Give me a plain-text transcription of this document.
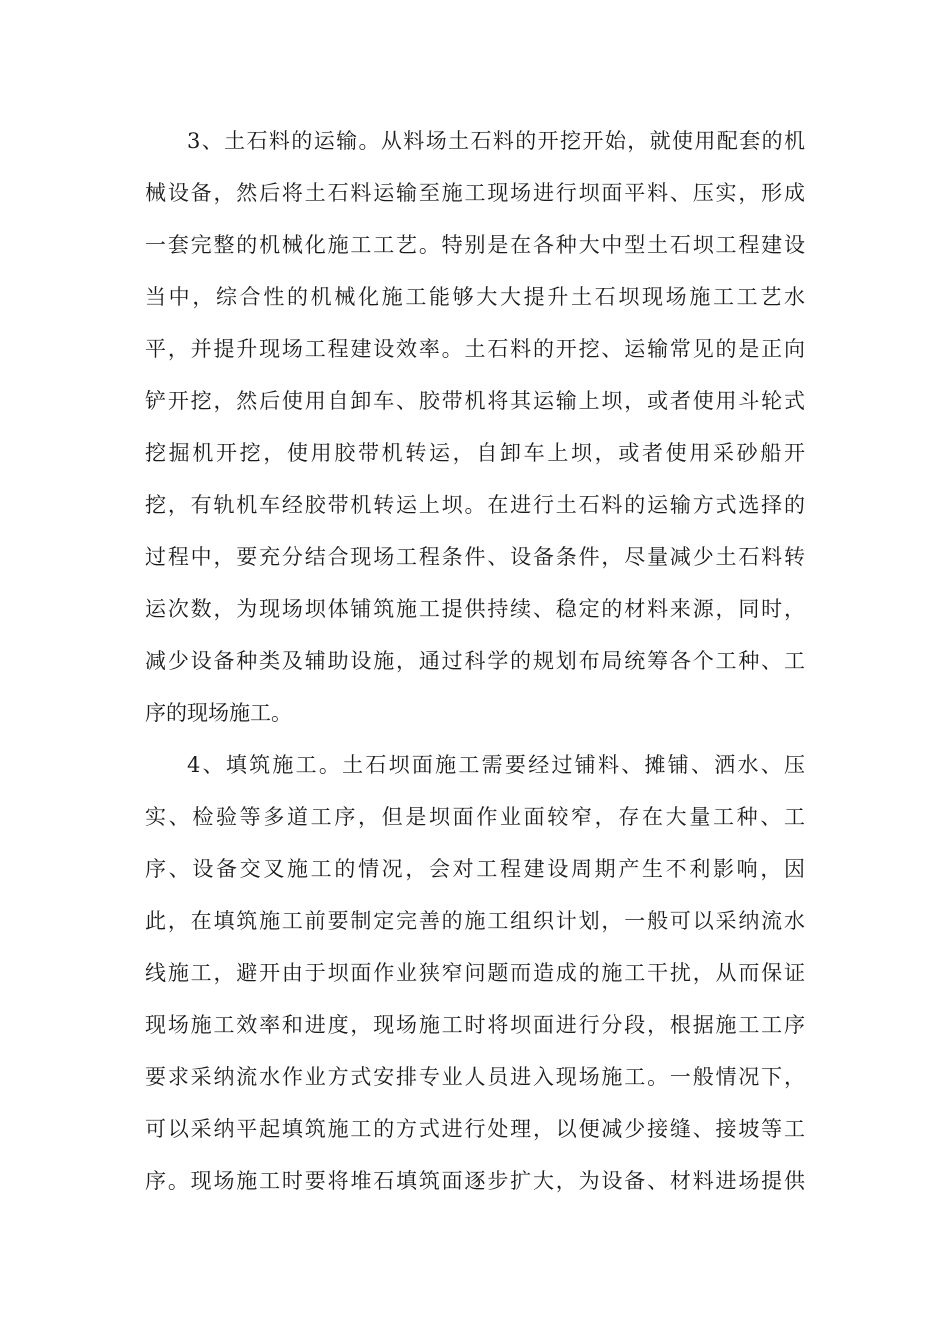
3、土石料的运输。从料场土石料的开挖开始，就使用配套的机
械设备，然后将土石料运输至施工现场进行坝面平料、压实，形成
一套完整的机械化施工工艺。特别是在各种大中型土石坝工程建设
当中，综合性的机械化施工能够大大提升土石坝现场施工工艺水
平，并提升现场工程建设效率。土石料的开挖、运输常见的是正向
铲开挖，然后使用自卸车、胶带机将其运输上坝，或者使用斗轮式
挖掘机开挖，使用胶带机转运，自卸车上坝，或者使用采砂船开
挖，有轨机车经胶带机转运上坝。在进行土石料的运输方式选择的
过程中，要充分结合现场工程条件、设备条件，尽量减少土石料转
运次数，为现场坝体铺筑施工提供持续、稳定的材料来源，同时，
减少设备种类及辅助设施，通过科学的规划布局统筹各个工种、工
序的现场施工。
4、填筑施工。土石坝面施工需要经过铺料、摊铺、洒水、压
实、检验等多道工序，但是坝面作业面较窄，存在大量工种、工
序、设备交叉施工的情况，会对工程建设周期产生不利影响，因
此，在填筑施工前要制定完善的施工组织计划，一般可以采纳流水
线施工，避开由于坝面作业狭窄问题而造成的施工干扰，从而保证
现场施工效率和进度，现场施工时将坝面进行分段，根据施工工序
要求采纳流水作业方式安排专业人员进入现场施工。一般情况下，
可以采纳平起填筑施工的方式进行处理，以便减少接缝、接坡等工
序。现场施工时要将堆石填筑面逐步扩大，为设备、材料进场提供
